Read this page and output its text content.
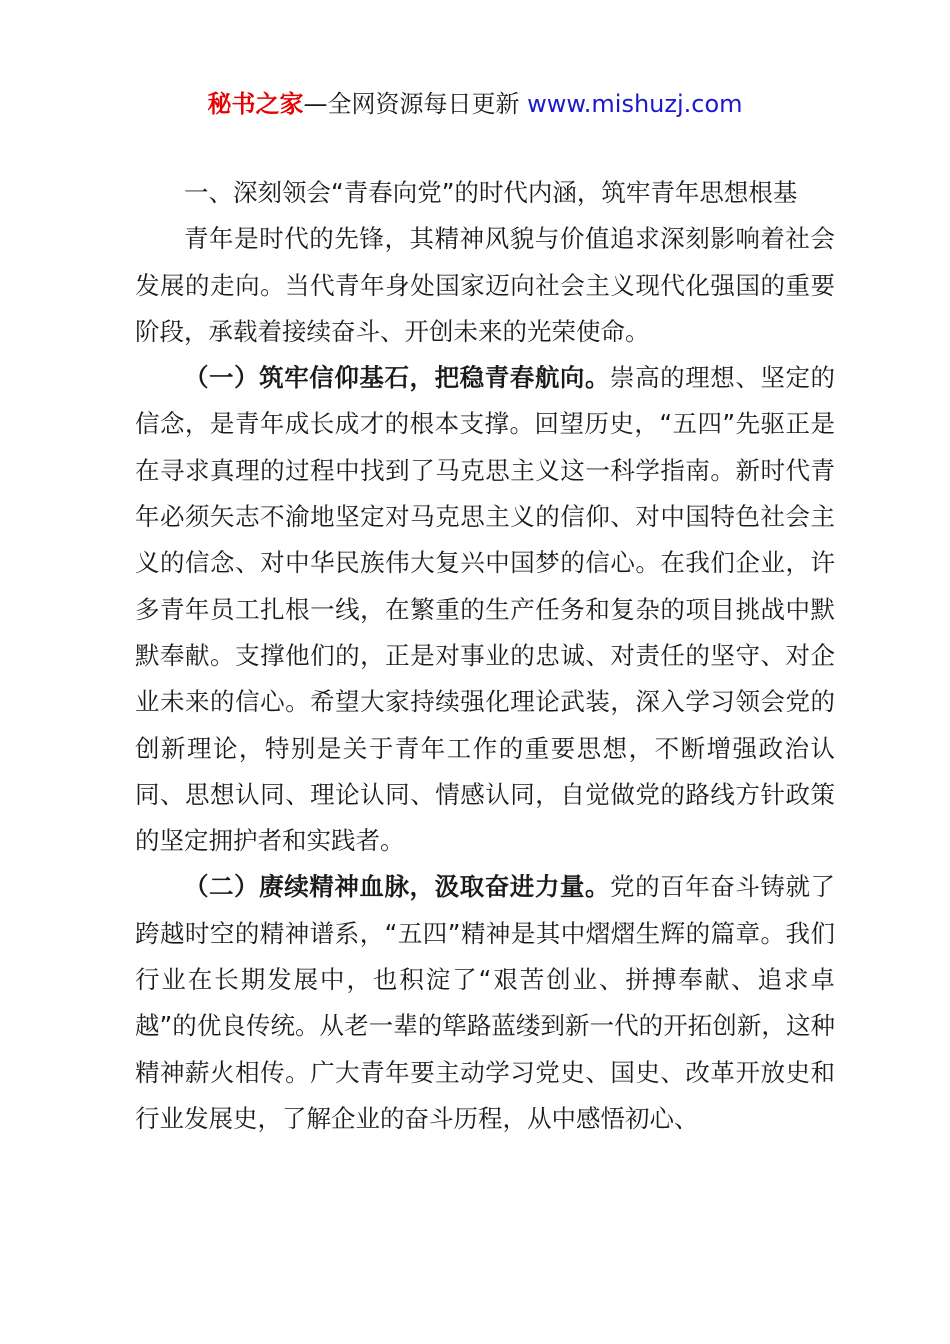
秘书之家—全网资源每日更新 www.mishuzj.com

一、深刻领会“青春向党”的时代内涵，筑牢青年思想根基

青年是时代的先锋，其精神风貌与价值追求深刻影响着社会发展的走向。当代青年身处国家迈向社会主义现代化强国的重要阶段，承载着接续奋斗、开创未来的光荣使命。

（一）筑牢信仰基石，把稳青春航向。崇高的理想、坚定的信念，是青年成长成才的根本支撑。回望历史，“五四”先驱正是在寻求真理的过程中找到了马克思主义这一科学指南。新时代青年必须矢志不渝地坚定对马克思主义的信仰、对中国特色社会主义的信念、对中华民族伟大复兴中国梦的信心。在我们企业，许多青年员工扎根一线，在繁重的生产任务和复杂的项目挑战中默默奉献。支撑他们的，正是对事业的忠诚、对责任的坚守、对企业未来的信心。希望大家持续强化理论武装，深入学习领会党的创新理论，特别是关于青年工作的重要思想，不断增强政治认同、思想认同、理论认同、情感认同，自觉做党的路线方针政策的坚定拥护者和实践者。

（二）赓续精神血脉，汲取奋进力量。党的百年奋斗铸就了跨越时空的精神谱系，“五四”精神是其中熠熠生辉的篇章。我们行业在长期发展中，也积淀了“艰苦创业、拼搏奉献、追求卓越”的优良传统。从老一辈的筚路蓝缕到新一代的开拓创新，这种精神薪火相传。广大青年要主动学习党史、国史、改革开放史和行业发展史，了解企业的奋斗历程，从中感悟初心、
